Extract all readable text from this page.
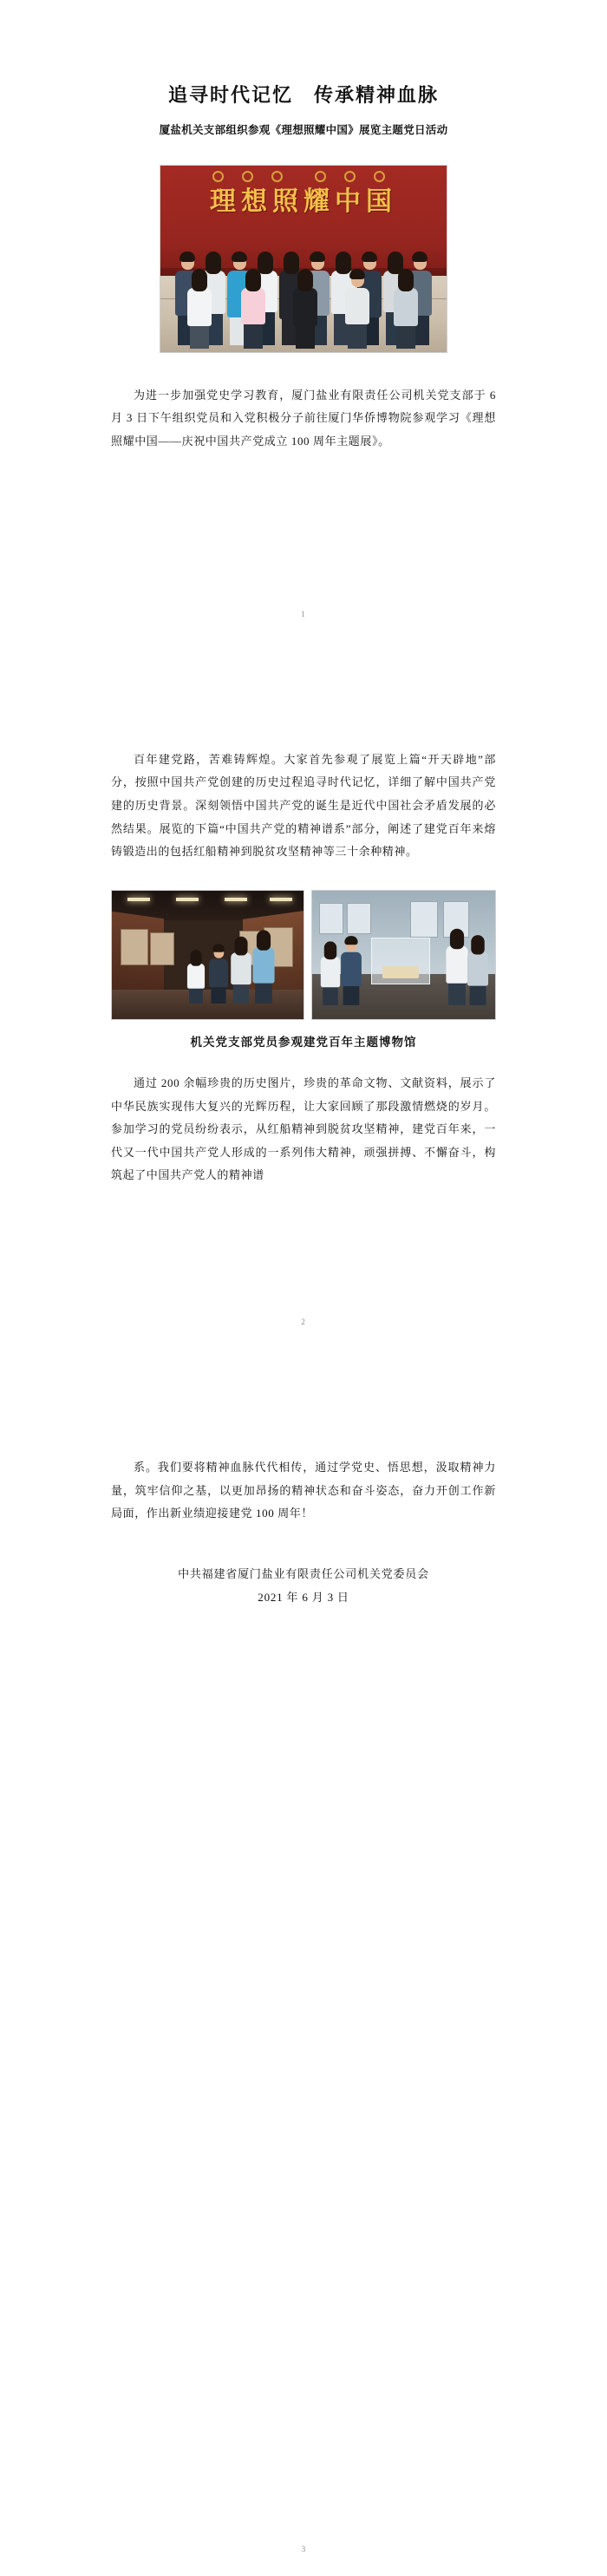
追寻时代记忆　传承精神血脉
厦盐机关支部组织参观《理想照耀中国》展览主题党日活动
理想照耀中国

为进一步加强党史学习教育，厦门盐业有限责任公司机关党支部于 6 月 3 日下午组织党员和入党积极分子前往厦门华侨博物院参观学习《理想照耀中国——庆祝中国共产党成立 100 周年主题展》。

1

百年建党路，苦难铸辉煌。大家首先参观了展览上篇“开天辟地”部分，按照中国共产党创建的历史过程追寻时代记忆，详细了解中国共产党建的历史背景。深刻领悟中国共产党的诞生是近代中国社会矛盾发展的必然结果。展览的下篇“中国共产党的精神谱系”部分，阐述了建党百年来熔铸锻造出的包括红船精神到脱贫攻坚精神等三十余种精神。

机关党支部党员参观建党百年主题博物馆

通过 200 余幅珍贵的历史图片，珍贵的革命文物、文献资料，展示了中华民族实现伟大复兴的光辉历程，让大家回顾了那段激情燃烧的岁月。参加学习的党员纷纷表示，从红船精神到脱贫攻坚精神，建党百年来，一代又一代中国共产党人形成的一系列伟大精神，顽强拼搏、不懈奋斗，构筑起了中国共产党人的精神谱

2

系。我们要将精神血脉代代相传，通过学党史、悟思想，汲取精神力量，筑牢信仰之基，以更加昂扬的精神状态和奋斗姿态，奋力开创工作新局面，作出新业绩迎接建党 100 周年！

中共福建省厦门盐业有限责任公司机关党委员会
2021 年 6 月 3 日
3
